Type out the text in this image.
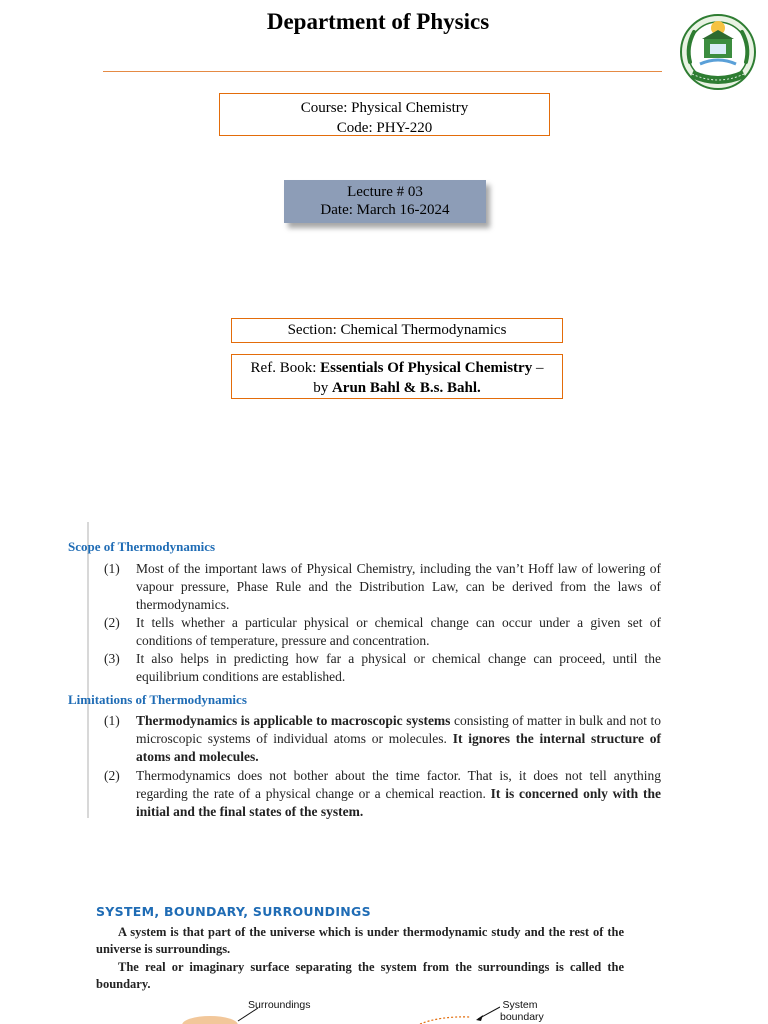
Department of Physics
Course: Physical Chemistry
Code: PHY-220
Lecture # 03
Date: March 16-2024
Section: Chemical Thermodynamics
Ref. Book: Essentials Of Physical Chemistry –
by Arun Bahl & B.s. Bahl.
Scope of Thermodynamics
(1)	Most of the important laws of Physical Chemistry, including the van’t Hoff law of lowering of vapour pressure, Phase Rule and the Distribution Law, can be derived from the laws of thermodynamics.
(2)	It tells whether a particular physical or chemical change can occur under a given set of conditions of temperature, pressure and concentration.
(3)	It also helps in predicting how far a physical or chemical change can proceed, until the equilibrium conditions are established.
Limitations of Thermodynamics
(1)	Thermodynamics is applicable to macroscopic systems consisting of matter in bulk and not to microscopic systems of individual atoms or molecules. It ignores the internal structure of atoms and molecules.
(2)	Thermodynamics does not bother about the time factor. That is, it does not tell anything regarding the rate of a physical change or a chemical reaction. It is concerned only with the initial and the final states of the system.
SYSTEM, BOUNDARY, SURROUNDINGS
A system is that part of the universe which is under thermodynamic study and the rest of the universe is surroundings.
The real or imaginary surface separating the system from the surroundings is called the boundary.
Surroundings	System
boundary
